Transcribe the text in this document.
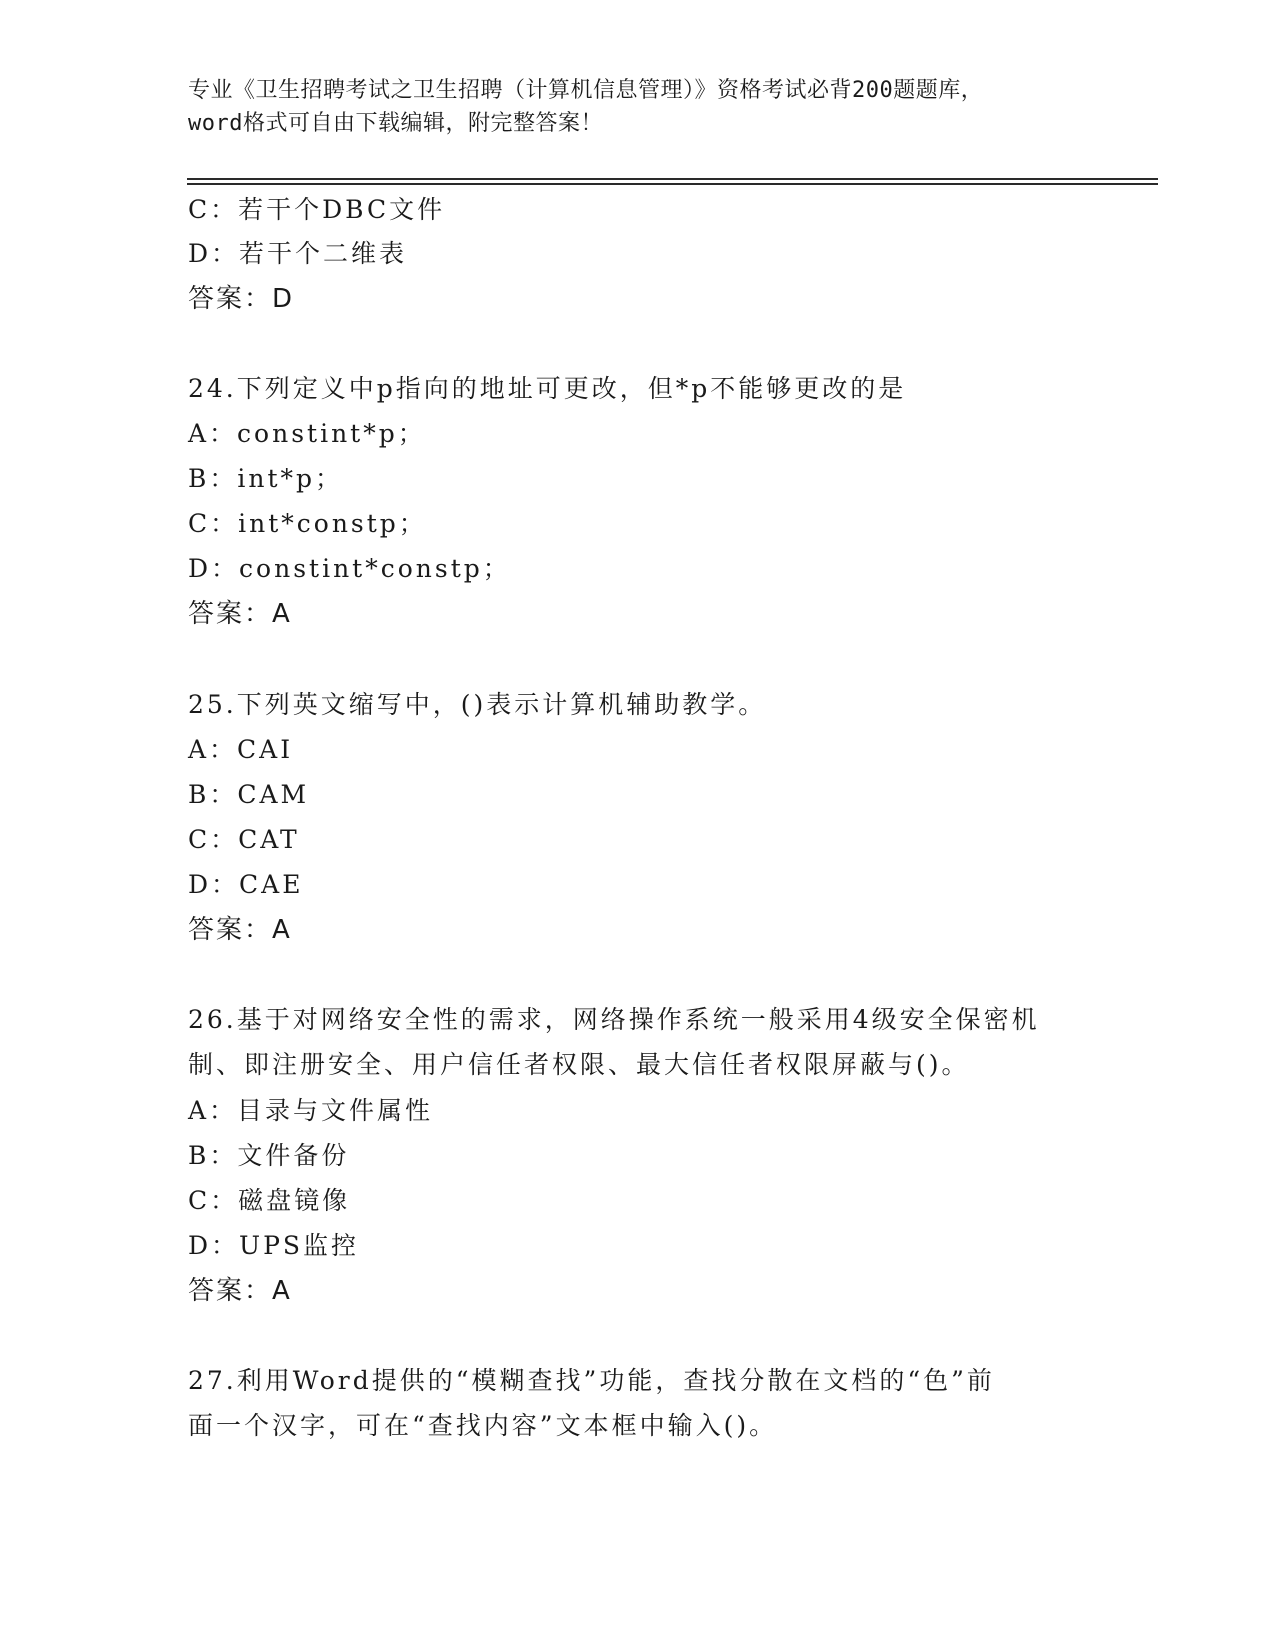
专业《卫生招聘考试之卫生招聘（计算机信息管理）》资格考试必背200题题库，
word格式可自由下载编辑，附完整答案！
C：若干个DBC文件
D：若干个二维表
答案：D
24.下列定义中p指向的地址可更改，但*p不能够更改的是
A：constint*p；
B：int*p；
C：int*constp；
D：constint*constp；
答案：A
25.下列英文缩写中，()表示计算机辅助教学。
A：CAI
B：CAM
C：CAT
D：CAE
答案：A
26.基于对网络安全性的需求，网络操作系统一般采用4级安全保密机
制、即注册安全、用户信任者权限、最大信任者权限屏蔽与()。
A：目录与文件属性
B：文件备份
C：磁盘镜像
D：UPS监控
答案：A
27.利用Word提供的“模糊查找”功能，查找分散在文档的“色”前
面一个汉字，可在“查找内容”文本框中输入()。
